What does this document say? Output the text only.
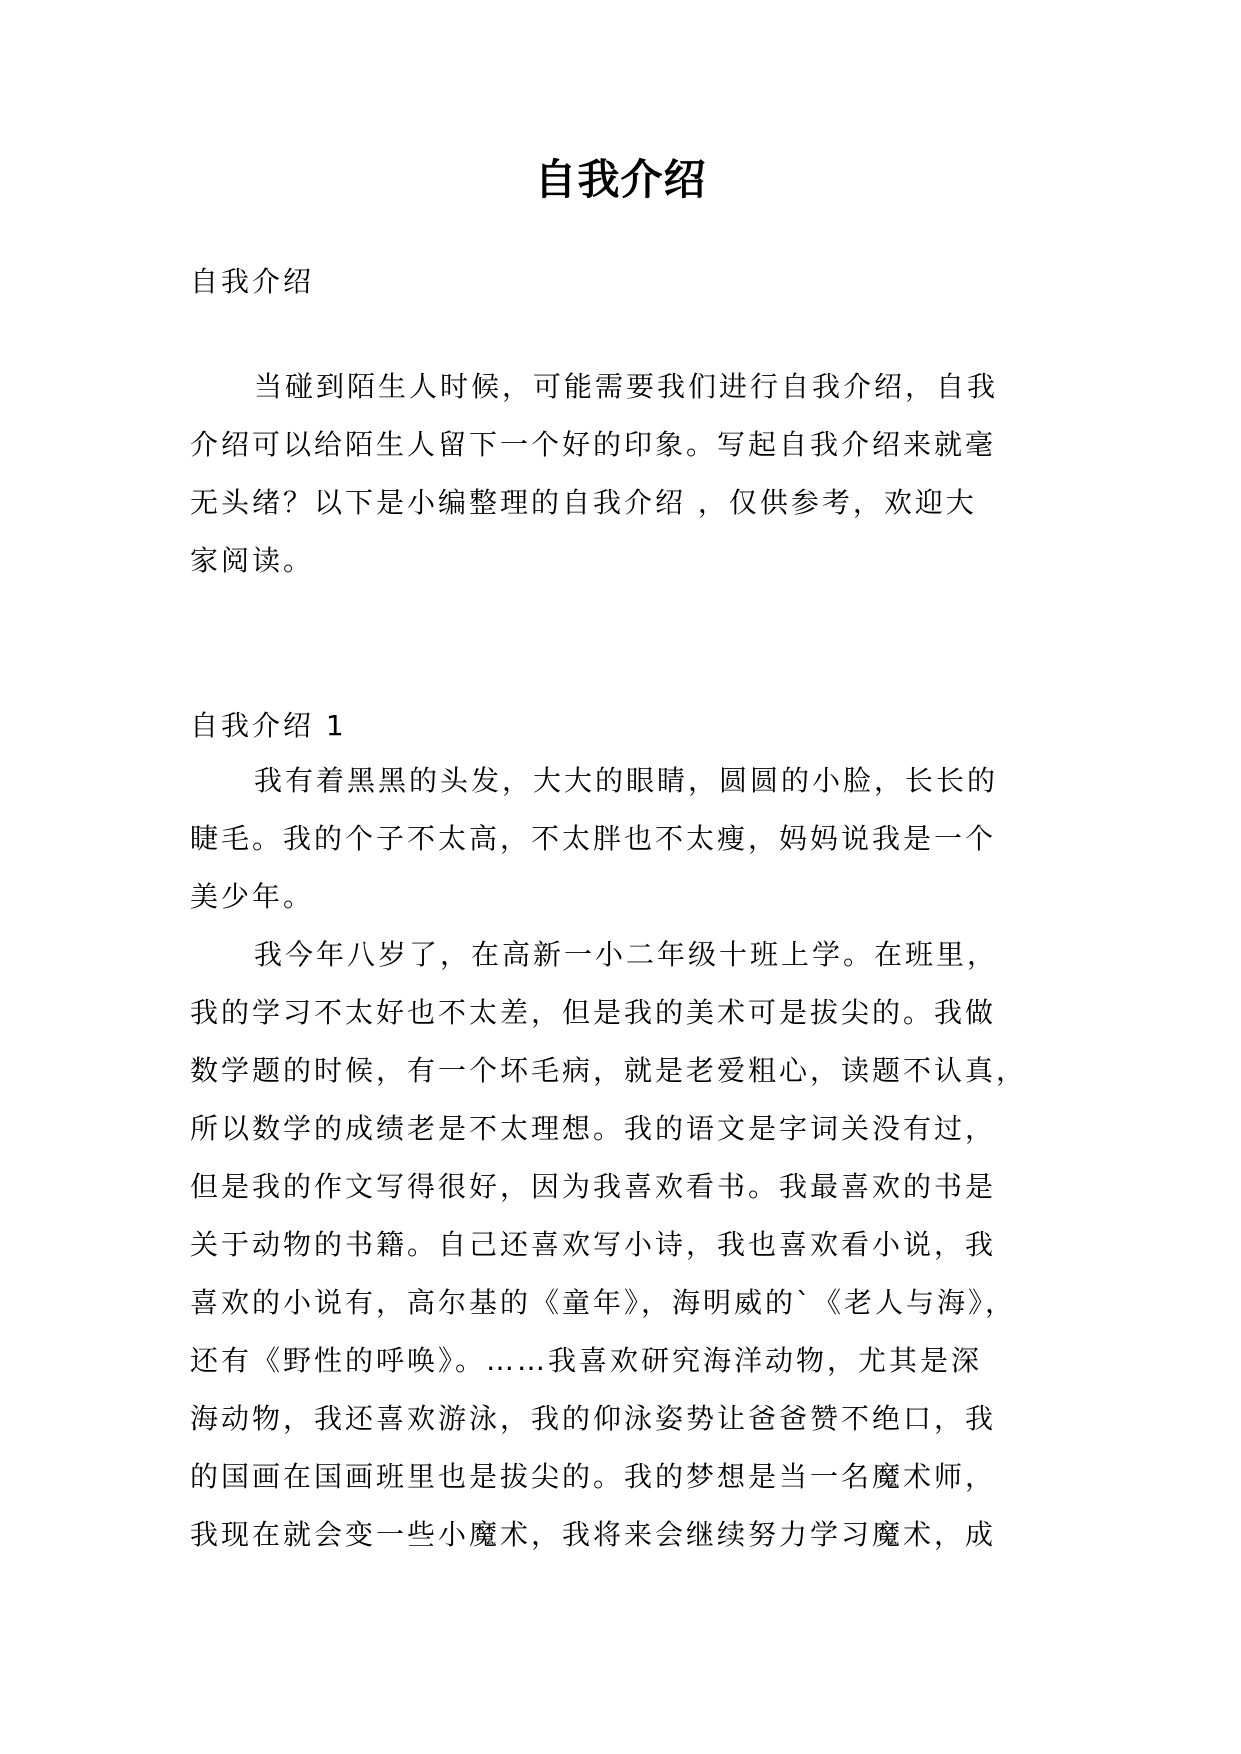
自我介绍
自我介绍
当碰到陌生人时候，可能需要我们进行自我介绍，自我
介绍可以给陌生人留下一个好的印象。写起自我介绍来就毫
无头绪？以下是小编整理的自我介绍 ，仅供参考，欢迎大
家阅读。
自我介绍 1
我有着黑黑的头发，大大的眼睛，圆圆的小脸，长长的
睫毛。我的个子不太高，不太胖也不太瘦，妈妈说我是一个
美少年。
我今年八岁了，在高新一小二年级十班上学。在班里，
我的学习不太好也不太差，但是我的美术可是拔尖的。我做
数学题的时候，有一个坏毛病，就是老爱粗心，读题不认真，
所以数学的成绩老是不太理想。我的语文是字词关没有过，
但是我的作文写得很好，因为我喜欢看书。我最喜欢的书是
关于动物的书籍。自己还喜欢写小诗，我也喜欢看小说，我
喜欢的小说有，高尔基的《童年》，海明威的`《老人与海》，
还有《野性的呼唤》。……我喜欢研究海洋动物，尤其是深
海动物，我还喜欢游泳，我的仰泳姿势让爸爸赞不绝口，我
的国画在国画班里也是拔尖的。我的梦想是当一名魔术师，
我现在就会变一些小魔术，我将来会继续努力学习魔术，成
